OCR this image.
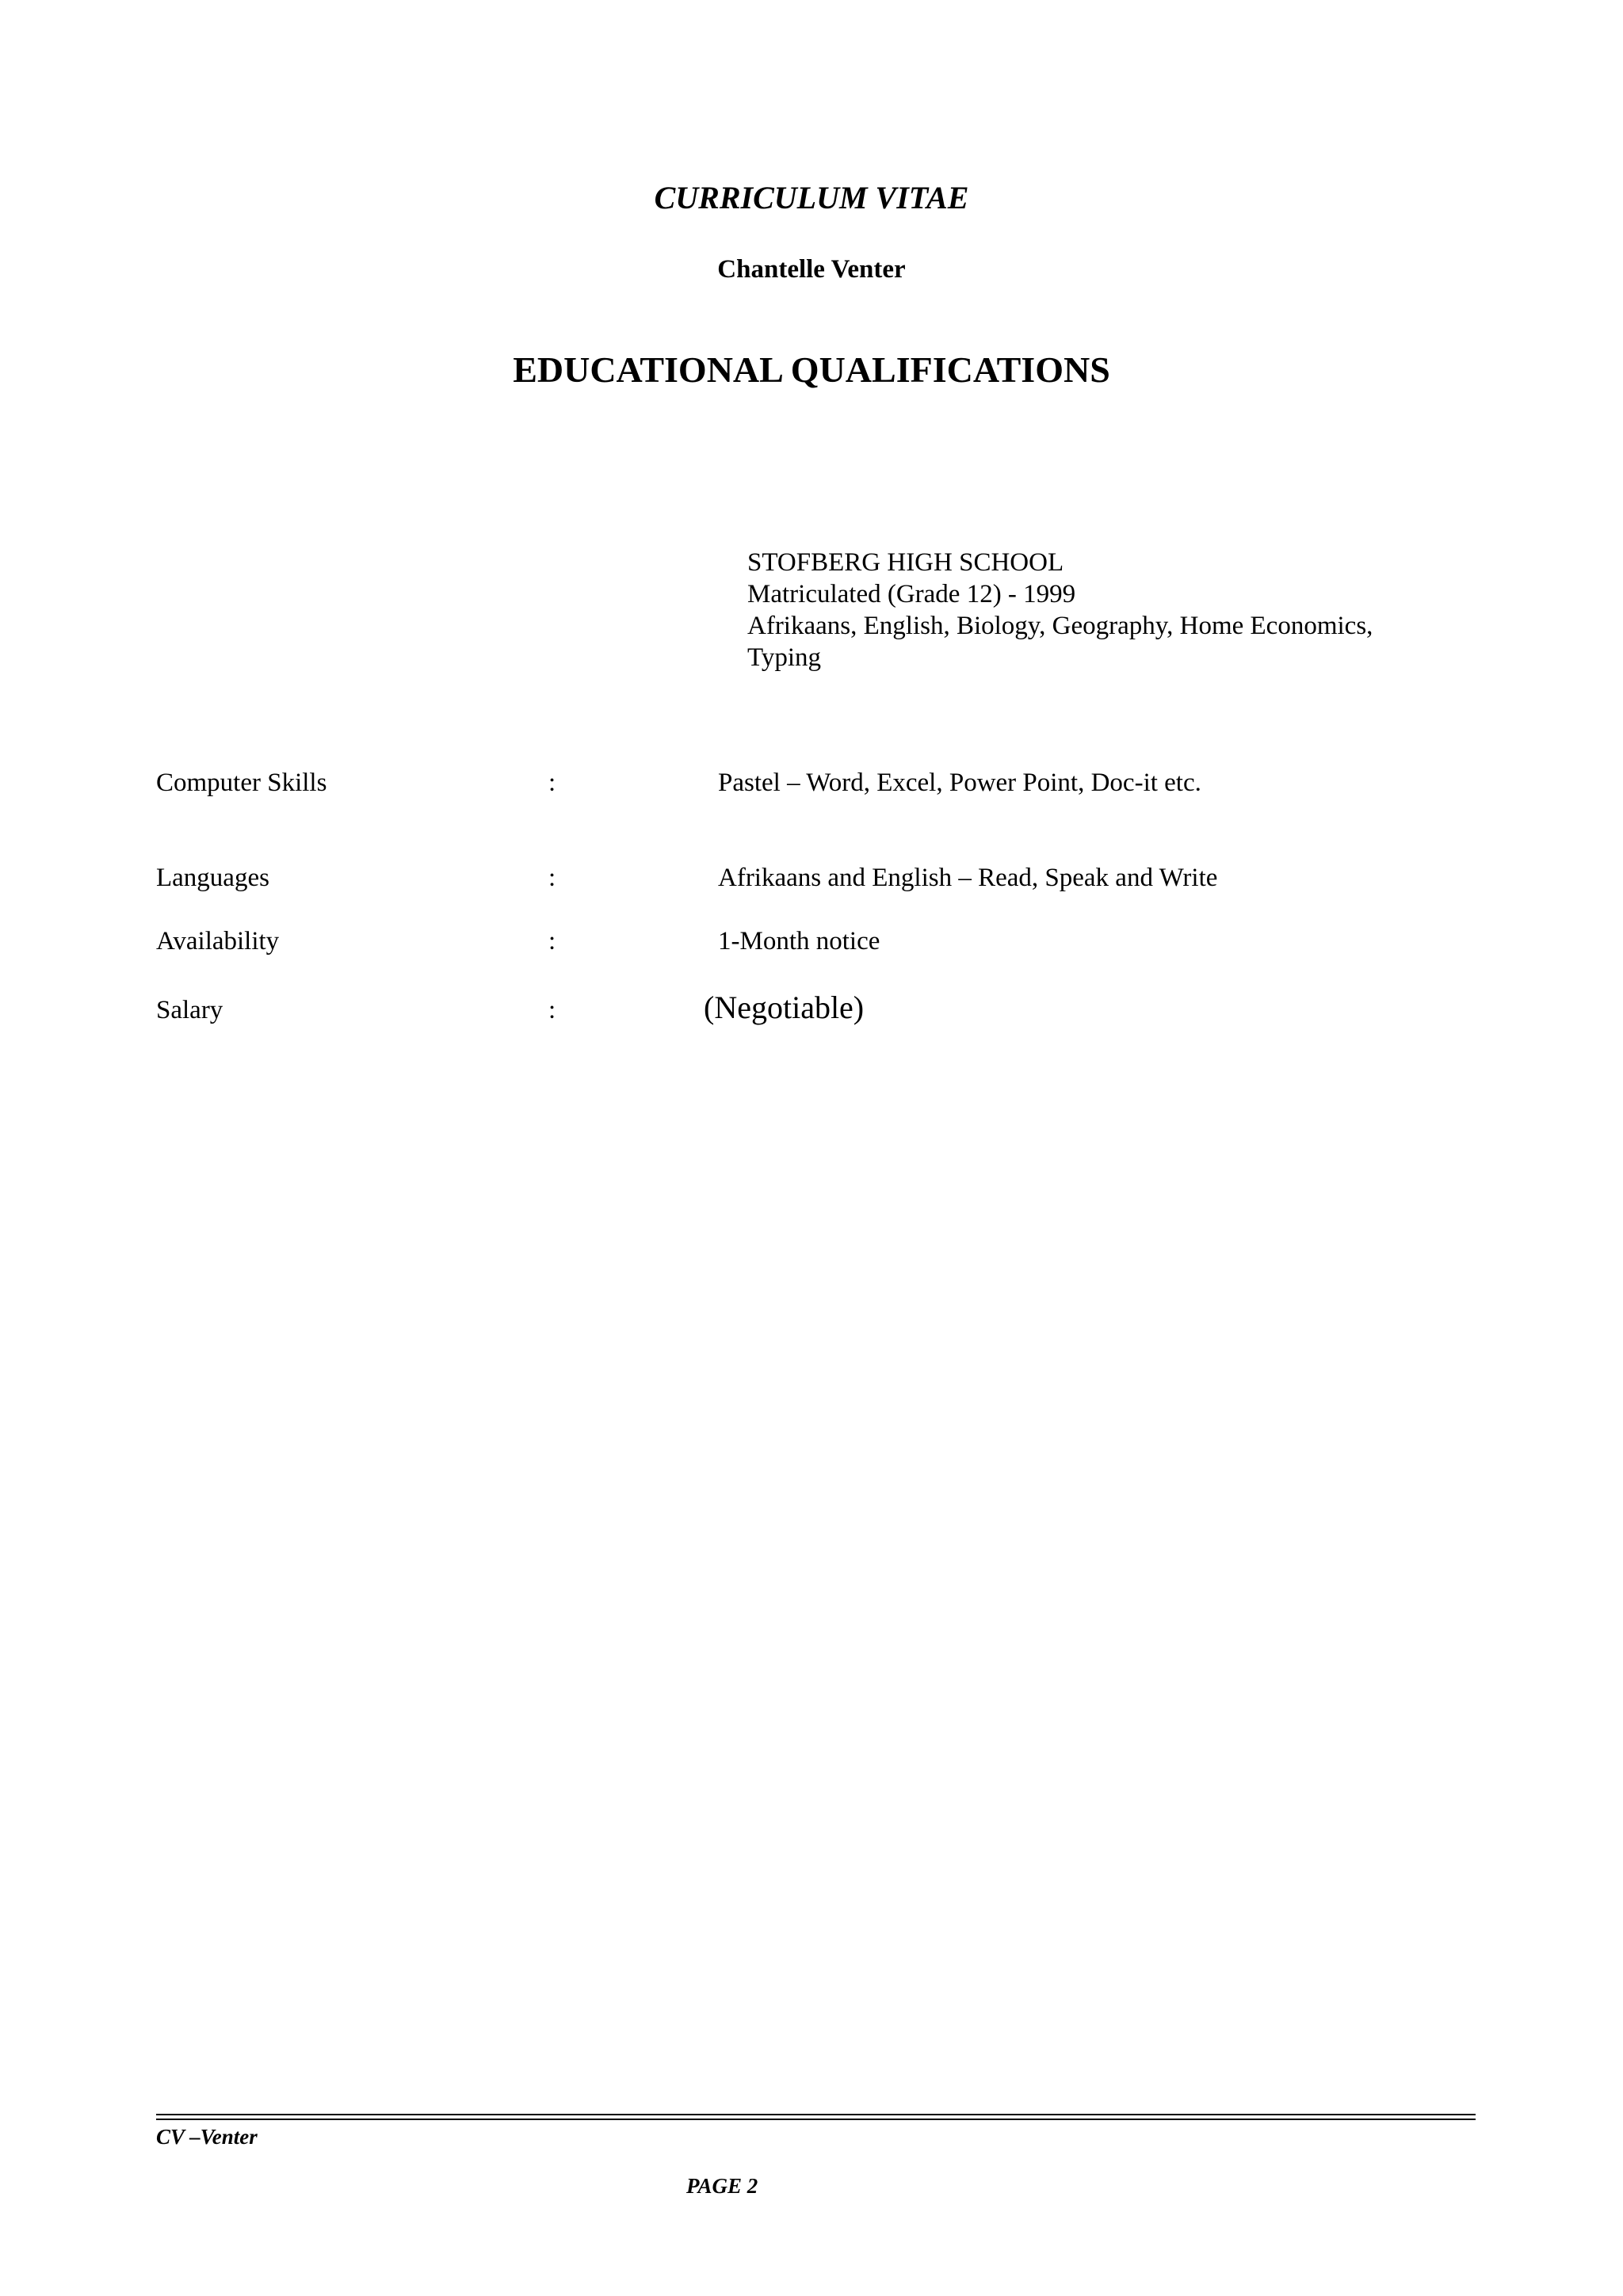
CURRICULUM VITAE
Chantelle Venter
EDUCATIONAL QUALIFICATIONS
STOFBERG HIGH SCHOOL
Matriculated (Grade 12) - 1999
Afrikaans, English, Biology, Geography, Home Economics,
Typing
Computer Skills	:	Pastel – Word, Excel, Power Point, Doc-it etc.
Languages	:	Afrikaans and English – Read, Speak and Write
Availability	:	1-Month notice
Salary	:	(Negotiable)
CV –Venter
PAGE 2
